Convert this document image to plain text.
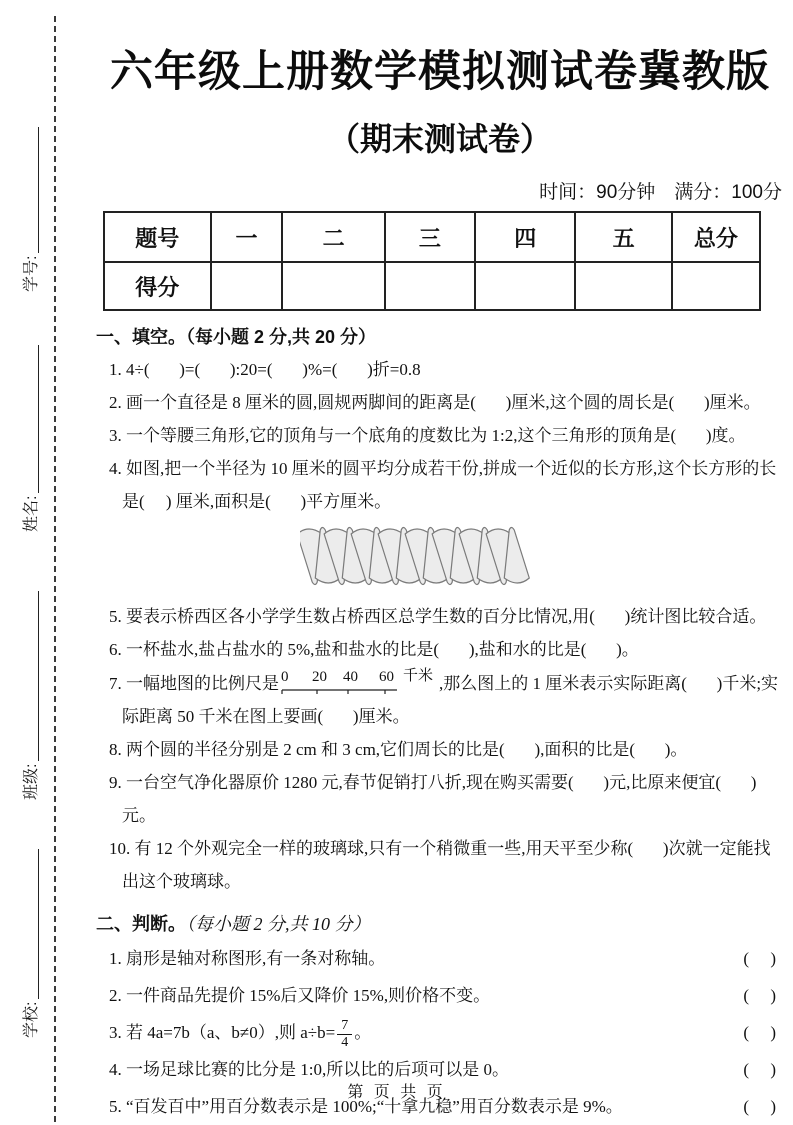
学号:
姓名:
班级:
学校:
六年级上册数学模拟测试卷冀教版
（期末测试卷）
时间：90分钟　满分：100分
题号	一	二	三	四	五	总分
得分						

一、填空。（每小题 2 分,共 20 分）

1. 4÷(       )=(       ):20=(       )%=(       )折=0.8

2. 画一个直径是 8 厘米的圆,圆规两脚间的距离是(       )厘米,这个圆的周长是(       )厘米。

3. 一个等腰三角形,它的顶角与一个底角的度数比为 1:2,这个三角形的顶角是(       )度。

4. 如图,把一个半径为 10 厘米的圆平均分成若干份,拼成一个近似的长方形,这个长方形的长是(     ) 厘米,面积是(       )平方厘米。

5. 要表示桥西区各小学学生数占桥西区总学生数的百分比情况,用(       )统计图比较合适。

6. 一杯盐水,盐占盐水的 5%,盐和盐水的比是(       ),盐和水的比是(       )。

7. 一幅地图的比例尺是 0 20 40 60 千米 ,那么图上的 1 厘米表示实际距离(       )千米;实际距离 50 千米在图上要画(       )厘米。

8. 两个圆的半径分别是 2 cm 和 3 cm,它们周长的比是(       ),面积的比是(       )。

9. 一台空气净化器原价 1280 元,春节促销打八折,现在购买需要(       )元,比原来便宜(       )元。

10. 有 12 个外观完全一样的玻璃球,只有一个稍微重一些,用天平至少称(       )次就一定能找出这个玻璃球。

二、判断。（每小题 2 分,共 10 分）

1. 扇形是轴对称图形,有一条对称轴。	(　 )
2. 一件商品先提价 15%后又降价 15%,则价格不变。	(　 )
3. 若 4a=7b（a、b≠0）,则 $a\div b= \frac{7}{4}$ 。	(　 )
4. 一场足球比赛的比分是 1:0,所以比的后项可以是 0。	(　 )
5. “百发百中”用百分数表示是 100%;“十拿九稳”用百分数表示是 9%。	(　 )
第 页 共 页
